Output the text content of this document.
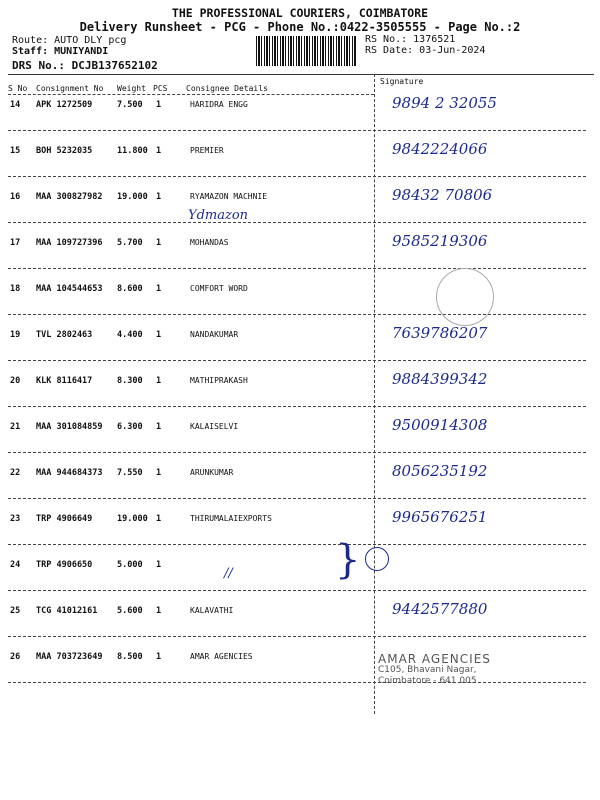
THE PROFESSIONAL COURIERS, COIMBATORE
Delivery Runsheet - PCG - Phone No.:0422-3505555 - Page No.:2
Route: AUTO DLY pcg
Staff: MUNIYANDI
DRS No.: DCJB137652102
RS No.: 1376521
RS Date: 03-Jun-2024
S No Consignment No Weight PCS Consignee Details
Signature
14 APK 1272509	7.500 1	HARIDRA ENGG	9894 2 32055
15 BOH 5232035	11.800 1	PREMIER	9842224066
16 MAA 300827982 19.000 1	RYAMAZON MACHNIE	98432 70806
17 MAA 109727396 5.700 1	MOHANDAS	9585219306
18 MAA 104544653 8.600 1	COMFORT WORD
19 TVL 2802463	4.400 1	NANDAKUMAR	7639786207
20 KLK 8116417	8.300 1	MATHIPRAKASH	9884399342
21 MAA 301084859 6.300 1	KALAISELVI	9500914308
22 MAA 944684373 7.550 1	ARUNKUMAR	8056235192
23 TRP 4906649	19.000 1	THIRUMALAIEXPORTS	9965676251
24 TRP 4906650	5.000 1
25 TCG 41012161 5.600 1	KALAVATHI	9442577880
26 MAA 703723649 8.500 1	AMAR AGENCIES
Ydmazon
//	}
AMAR AGENCIES
C105, Bhavani Nagar,
Coimbatore - 641 005
